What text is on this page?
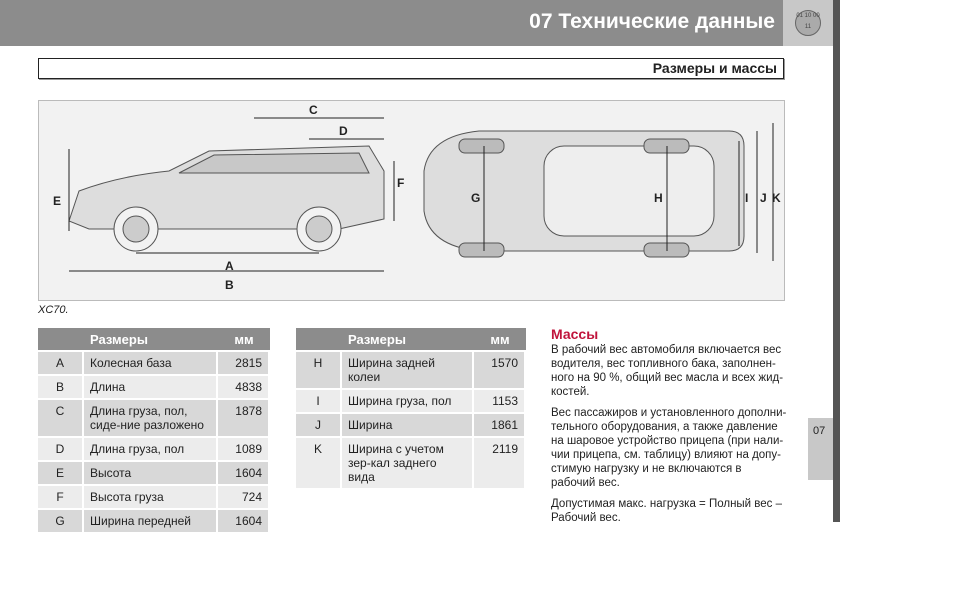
07 Технические данные	01 10 00 11
Размеры и массы
C
D
E
F
A
B
G	H	I J K
XC70.
	Размеры	мм
A	Колесная база	2815
B	Длина	4838
C	Длина груза, пол, сиде-ние разложено	1878
D	Длина груза, пол	1089
E	Высота	1604
F	Высота груза	724
G	Ширина передней	1604
	Размеры	мм
H	Ширина задней колеи	1570
I	Ширина груза, пол	1153
J	Ширина	1861
K	Ширина с учетом зер-кал заднего вида	2119
Массы

В рабочий вес автомобиля включается вес водителя, вес топливного бака, заполнен-ного на 90 %, общий вес масла и всех жид-костей.

Вес пассажиров и установленного дополни-тельного оборудования, а также давление на шаровое устройство прицепа (при нали-чии прицепа, см. таблицу) влияют на допу-стимую нагрузку и не включаются в рабочий вес.

Допустимая макс. нагрузка = Полный вес – Рабочий вес.

07
